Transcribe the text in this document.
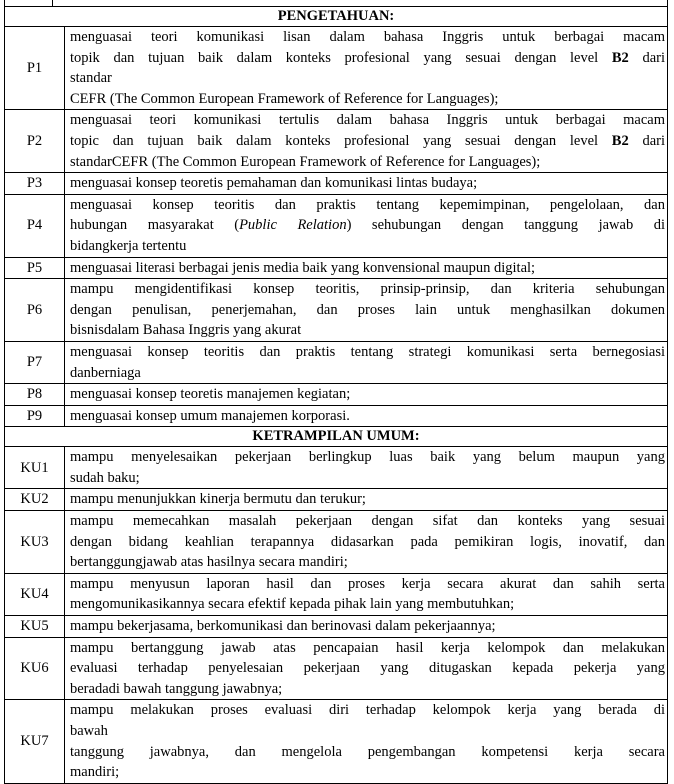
PENGETAHUAN:	
P1	menguasai teori komunikasi lisan dalam bahasa Inggris untuk berbagai macam
topik dan tujuan baik dalam konteks profesional yang sesuai dengan level B2 dari
standar
CEFR (The Common European Framework of Reference for Languages);

P2	menguasai teori komunikasi tertulis dalam bahasa Inggris untuk berbagai macam
topic dan tujuan baik dalam konteks profesional yang sesuai dengan level B2 dari
standarCEFR (The Common European Framework of Reference for Languages);

P3	menguasai konsep teoretis pemahaman dan komunikasi lintas budaya;

P4	menguasai konsep teoritis dan praktis tentang kepemimpinan, pengelolaan, dan
hubungan masyarakat (Public Relation) sehubungan dengan tanggung jawab di
bidangkerja tertentu

P5	menguasai literasi berbagai jenis media baik yang konvensional maupun digital;

P6	mampu mengidentifikasi konsep teoritis, prinsip-prinsip, dan kriteria sehubungan
dengan penulisan, penerjemahan, dan proses lain untuk menghasilkan dokumen
bisnisdalam Bahasa Inggris yang akurat

P7	menguasai konsep teoritis dan praktis tentang strategi komunikasi serta bernegosiasi
danberniaga

P8	menguasai konsep teoretis manajemen kegiatan;

P9	menguasai konsep umum manajemen korporasi.

KETRAMPILAN UMUM:	
KU1	mampu menyelesaikan pekerjaan berlingkup luas baik yang belum maupun yang
sudah baku;

KU2	mampu menunjukkan kinerja bermutu dan terukur;

KU3	mampu memecahkan masalah pekerjaan dengan sifat dan konteks yang sesuai
dengan bidang keahlian terapannya didasarkan pada pemikiran logis, inovatif, dan
bertanggungjawab atas hasilnya secara mandiri;

KU4	mampu menyusun laporan hasil dan proses kerja secara akurat dan sahih serta
mengomunikasikannya secara efektif kepada pihak lain yang membutuhkan;

KU5	mampu bekerjasama, berkomunikasi dan berinovasi dalam pekerjaannya;

KU6	mampu bertanggung jawab atas pencapaian hasil kerja kelompok dan melakukan
evaluasi terhadap penyelesaian pekerjaan yang ditugaskan kepada pekerja yang
beradadi bawah tanggung jawabnya;

KU7	mampu melakukan proses evaluasi diri terhadap kelompok kerja yang berada di
bawah
tanggung jawabnya, dan mengelola pengembangan kompetensi kerja secara
mandiri;
